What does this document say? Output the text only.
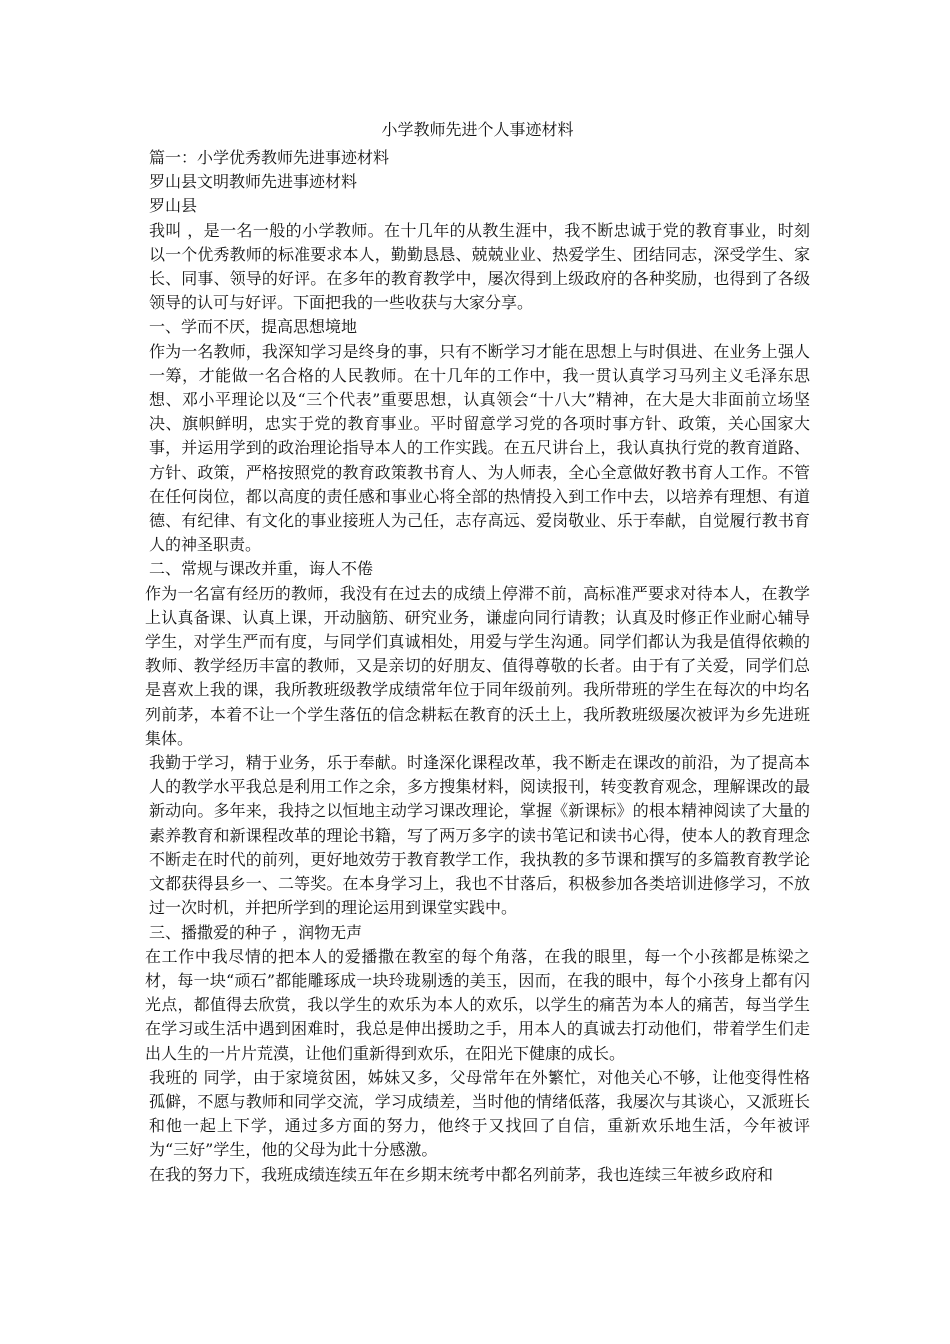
小学教师先进个人事迹材料
篇一：小学优秀教师先进事迹材料
罗山县文明教师先进事迹材料
罗山县

我叫 ，是一名一般的小学教师。在十几年的从教生涯中，我不断忠诚于党的教育事业，时刻以一个优秀教师的标准要求本人，勤勤恳恳、兢兢业业、热爱学生、团结同志，深受学生、家长、同事、领导的好评。在多年的教育教学中，屡次得到上级政府的各种奖励，也得到了各级领导的认可与好评。下面把我的一些收获与大家分享。

一、学而不厌，提高思想境地

作为一名教师，我深知学习是终身的事，只有不断学习才能在思想上与时俱进、在业务上强人一筹，才能做一名合格的人民教师。在十几年的工作中，我一贯认真学习马列主义毛泽东思想、邓小平理论以及“三个代表”重要思想，认真领会“十八大”精神，在大是大非面前立场坚决、旗帜鲜明，忠实于党的教育事业。平时留意学习党的各项时事方针、政策，关心国家大事，并运用学到的政治理论指导本人的工作实践。在五尺讲台上，我认真执行党的教育道路、方针、政策，严格按照党的教育政策教书育人、为人师表，全心全意做好教书育人工作。不管在任何岗位，都以高度的责任感和事业心将全部的热情投入到工作中去，以培养有理想、有道德、有纪律、有文化的事业接班人为己任，志存高远、爱岗敬业、乐于奉献，自觉履行教书育人的神圣职责。

二、常规与课改并重，诲人不倦

作为一名富有经历的教师，我没有在过去的成绩上停滞不前，高标准严要求对待本人，在教学上认真备课、认真上课，开动脑筋、研究业务，谦虚向同行请教；认真及时修正作业耐心辅导学生，对学生严而有度，与同学们真诚相处，用爱与学生沟通。同学们都认为我是值得依赖的教师、教学经历丰富的教师，又是亲切的好朋友、值得尊敬的长者。由于有了关爱，同学们总是喜欢上我的课，我所教班级教学成绩常年位于同年级前列。我所带班的学生在每次的中均名列前茅，本着不让一个学生落伍的信念耕耘在教育的沃土上，我所教班级屡次被评为乡先进班集体。

我勤于学习，精于业务，乐于奉献。时逢深化课程改革，我不断走在课改的前沿，为了提高本人的教学水平我总是利用工作之余，多方搜集材料，阅读报刊，转变教育观念，理解课改的最新动向。多年来，我持之以恒地主动学习课改理论，掌握《新课标》的根本精神阅读了大量的素养教育和新课程改革的理论书籍，写了两万多字的读书笔记和读书心得，使本人的教育理念不断走在时代的前列，更好地效劳于教育教学工作，我执教的多节课和撰写的多篇教育教学论文都获得县乡一、二等奖。在本身学习上，我也不甘落后，积极参加各类培训进修学习，不放过一次时机，并把所学到的理论运用到课堂实践中。

三、播撒爱的种子 ，润物无声

在工作中我尽情的把本人的爱播撒在教室的每个角落，在我的眼里，每一个小孩都是栋梁之材，每一块“顽石”都能雕琢成一块玲珑剔透的美玉，因而，在我的眼中，每个小孩身上都有闪光点，都值得去欣赏，我以学生的欢乐为本人的欢乐，以学生的痛苦为本人的痛苦，每当学生在学习或生活中遇到困难时，我总是伸出援助之手，用本人的真诚去打动他们，带着学生们走出人生的一片片荒漠，让他们重新得到欢乐，在阳光下健康的成长。

我班的 同学，由于家境贫困，姊妹又多，父母常年在外繁忙，对他关心不够，让他变得性格孤僻，不愿与教师和同学交流，学习成绩差，当时他的情绪低落，我屡次与其谈心，又派班长和他一起上下学，通过多方面的努力，他终于又找回了自信，重新欢乐地生活，今年被评为“三好”学生，他的父母为此十分感激。

在我的努力下，我班成绩连续五年在乡期末统考中都名列前茅，我也连续三年被乡政府和
